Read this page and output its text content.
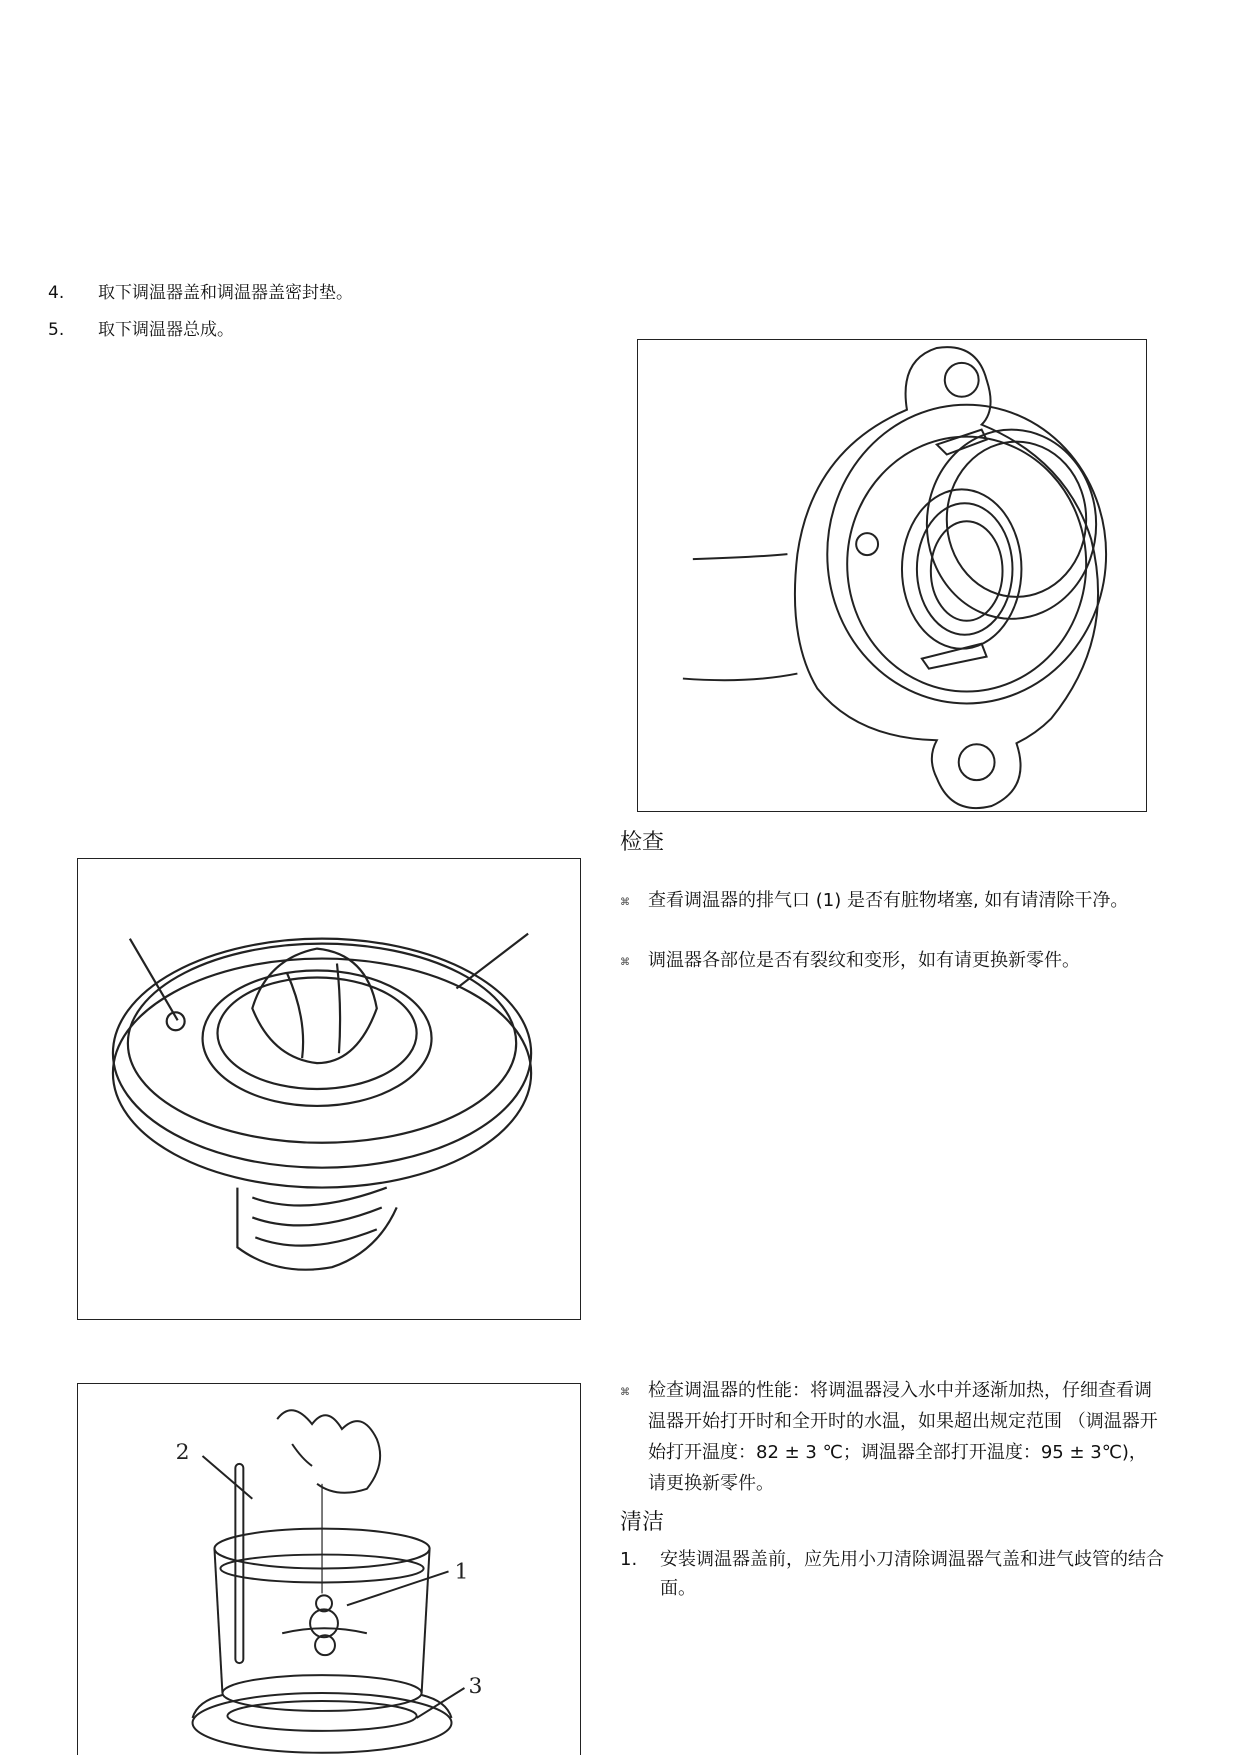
4.	取下调温器盖和调温器盖密封垫。
5.	取下调温器总成。
检查
⌘ 查看调温器的排气口 (1) 是否有脏物堵塞, 如有请清除干净。
⌘ 调温器各部位是否有裂纹和变形，如有请更换新零件。
2
1
3
⌘ 检查调温器的性能：将调温器浸入水中并逐渐加热，仔细查看调温器开始打开时和全开时的水温，如果超出规定范围 （调温器开始打开温度：82 ± 3 ℃；调温器全部打开温度：95 ± 3℃)， 请更换新零件。
清洁
1. 安装调温器盖前，应先用小刀清除调温器气盖和进气歧管的结合面。
